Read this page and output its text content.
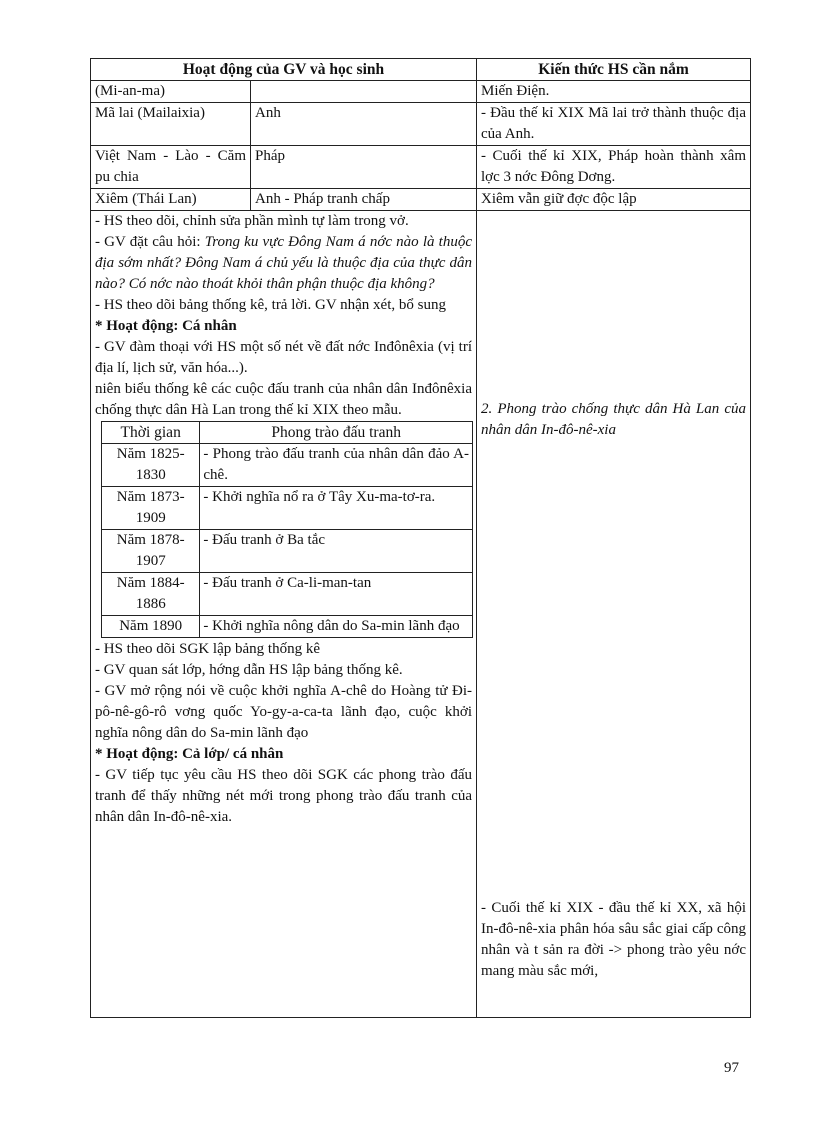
Hoạt động của GV và học sinh	Kiến thức HS cần nắm
(Mi-an-ma)		Miến Điện.
Mã lai (Mailaixia)	Anh	- Đầu thế kỉ XIX Mã lai trở thành thuộc địa của Anh.
Việt Nam - Lào - Căm pu chia	Pháp	- Cuối thế kỉ XIX, Pháp hoàn thành xâm lợc 3 nớc Đông Dơng.
Xiêm (Thái Lan)	Anh - Pháp tranh chấp	Xiêm vẫn giữ đợc độc lập

- HS theo dõi, chỉnh sửa phần mình tự làm trong vở.

- GV đặt câu hỏi: Trong ku vực Đông Nam á nớc nào là thuộc địa sớm nhất? Đông Nam á chủ yếu là thuộc địa của thực dân nào? Có nớc nào thoát khỏi thân phận thuộc địa không?

- HS theo dõi bảng thống kê, trả lời. GV nhận xét, bổ sung

* Hoạt động: Cá nhân

- GV đàm thoại với HS một số nét về đất nớc Inđônêxia (vị trí địa lí, lịch sử, văn hóa...).

niên biểu thống kê các cuộc đấu tranh của nhân dân Inđônêxia chống thực dân Hà Lan trong thế kỉ XIX theo mẫu.

Thời gian	Phong trào đấu tranh
Năm 1825-1830	- Phong trào đấu tranh của nhân dân đảo A-chê.
Năm 1873-1909	- Khởi nghĩa nổ ra ở Tây Xu-ma-tơ-ra.
Năm 1878-1907	- Đấu tranh ở Ba tắc
Năm 1884-1886	- Đấu tranh ở Ca-li-man-tan
Năm 1890	- Khởi nghĩa nông dân do Sa-min lãnh đạo

- HS theo dõi SGK lập bảng thống kê

- GV quan sát lớp, hớng dẫn HS lập bảng thống kê.

- GV mở rộng nói về cuộc khởi nghĩa A-chê do Hoàng tử Đi-pô-nê-gô-rô vơng quốc Yo-gy-a-ca-ta lãnh đạo, cuộc khởi nghĩa nông dân do Sa-min lãnh đạo

* Hoạt động: Cả lớp/ cá nhân

- GV tiếp tục yêu cầu HS theo dõi SGK các phong trào đấu tranh để thấy những nét mới trong phong trào đấu tranh của nhân dân In-đô-nê-xia.

2. Phong trào chống thực dân Hà Lan của nhân dân In-đô-nê-xia

- Cuối thế kỉ XIX - đầu thế kỉ XX, xã hội In-đô-nê-xia phân hóa sâu sắc giai cấp công nhân và t sản ra đời -> phong trào yêu nớc mang màu sắc mới,

97
